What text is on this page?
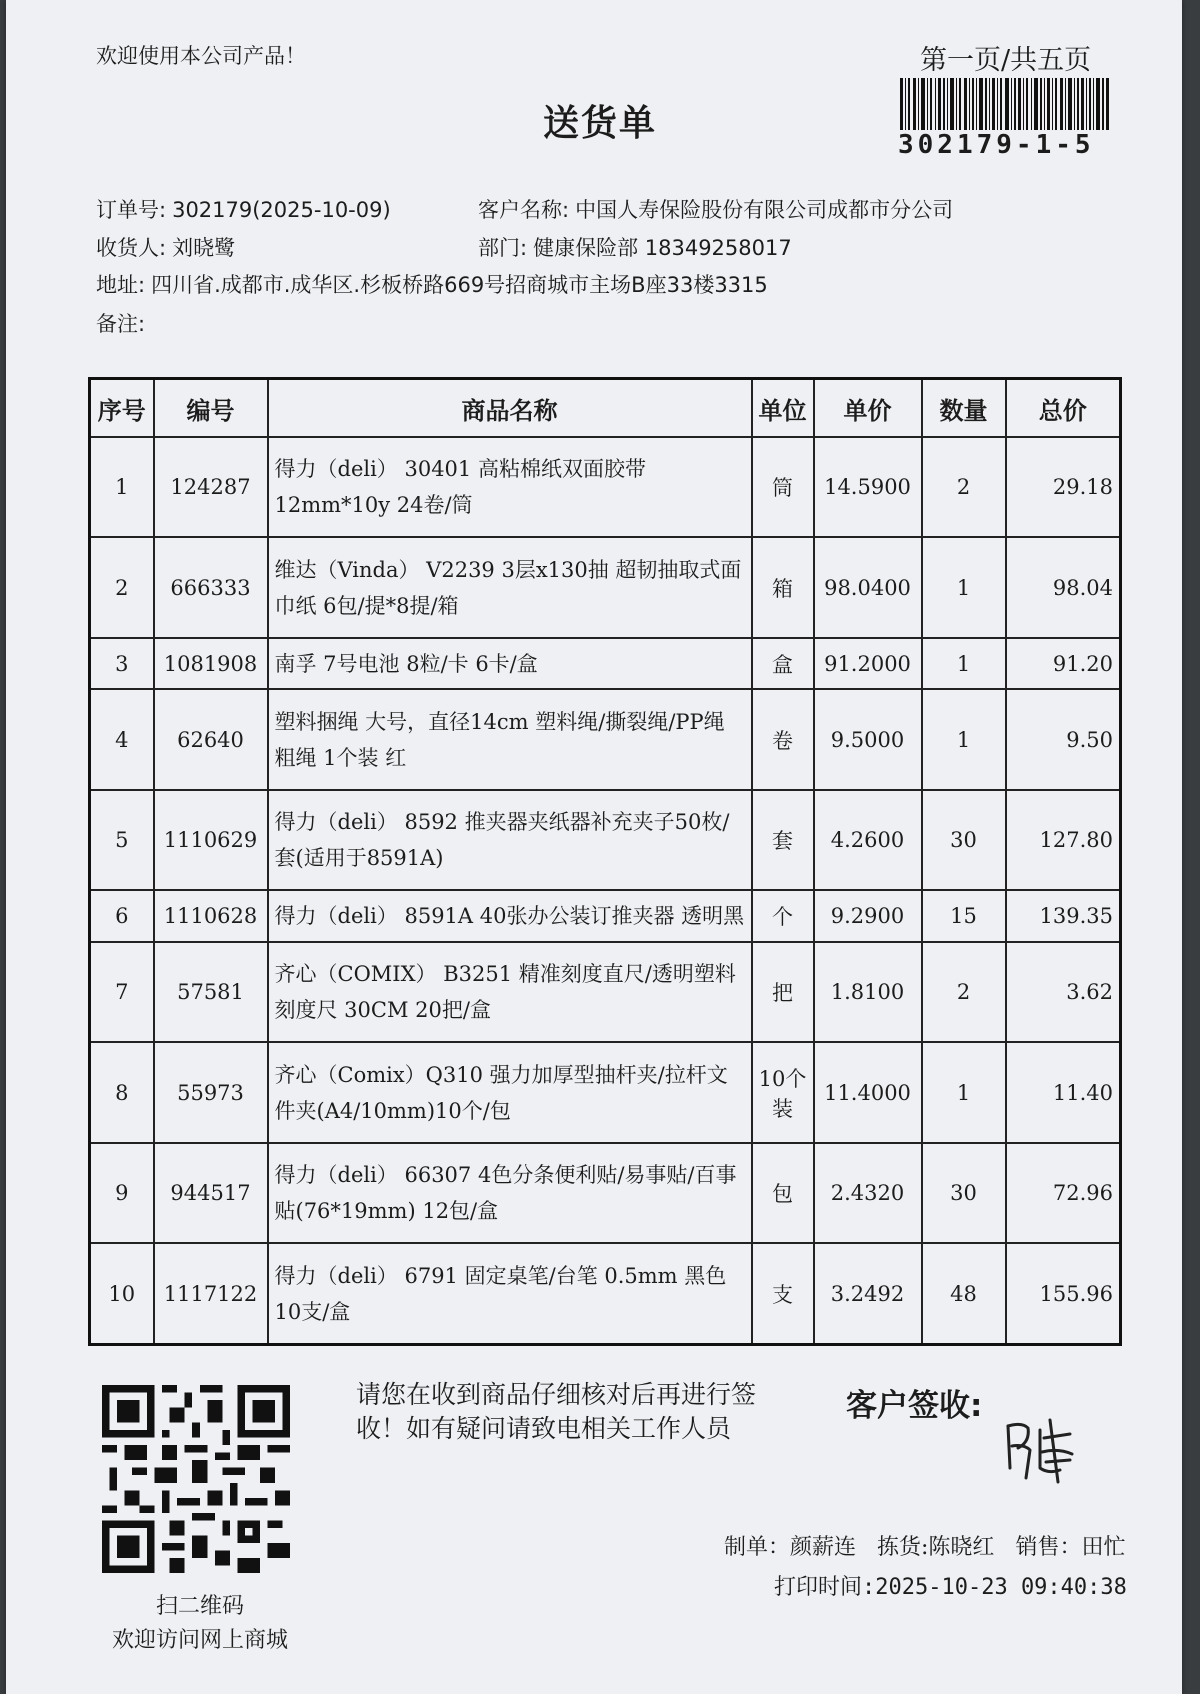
欢迎使用本公司产品！	第一页/共五页
送货单
302179-1-5
订单号: 302179(2025-10-09)	客户名称: 中国人寿保险股份有限公司成都市分公司
收货人: 刘晓鹭	部门: 健康保险部 18349258017
地址: 四川省.成都市.成华区.杉板桥路669号招商城市主场B座33楼3315
备注:
序号	编号	商品名称	单位	单价	数量	总价
1	124287	得力（deli） 30401 高粘棉纸双面胶带 12mm*10y 24卷/筒	筒	14.5900	2	29.18
2	666333	维达（Vinda） V2239 3层x130抽 超韧抽取式面巾纸 6包/提*8提/箱	箱	98.0400	1	98.04
3	1081908	南孚 7号电池 8粒/卡 6卡/盒	盒	91.2000	1	91.20
4	62640	塑料捆绳 大号，直径14cm 塑料绳/撕裂绳/PP绳粗绳 1个装 红	卷	9.5000	1	9.50
5	1110629	得力（deli） 8592 推夹器夹纸器补充夹子50枚/套(适用于8591A)	套	4.2600	30	127.80
6	1110628	得力（deli） 8591A 40张办公装订推夹器 透明黑	个	9.2900	15	139.35
7	57581	齐心（COMIX） B3251 精准刻度直尺/透明塑料刻度尺 30CM 20把/盒	把	1.8100	2	3.62
8	55973	齐心（Comix）Q310 强力加厚型抽杆夹/拉杆文件夹(A4/10mm)10个/包	10个装	11.4000	1	11.40
9	944517	得力（deli） 66307 4色分条便利贴/易事贴/百事贴(76*19mm) 12包/盒	包	2.4320	30	72.96
10	1117122	得力（deli） 6791 固定桌笔/台笔 0.5mm 黑色 10支/盒	支	3.2492	48	155.96
扫二维码
欢迎访问网上商城
请您在收到商品仔细核对后再进行签收！如有疑问请致电相关工作人员
客户签收:
制单：颜薪连 拣货:陈晓红 销售：田忙
打印时间:2025-10-23 09:40:38
